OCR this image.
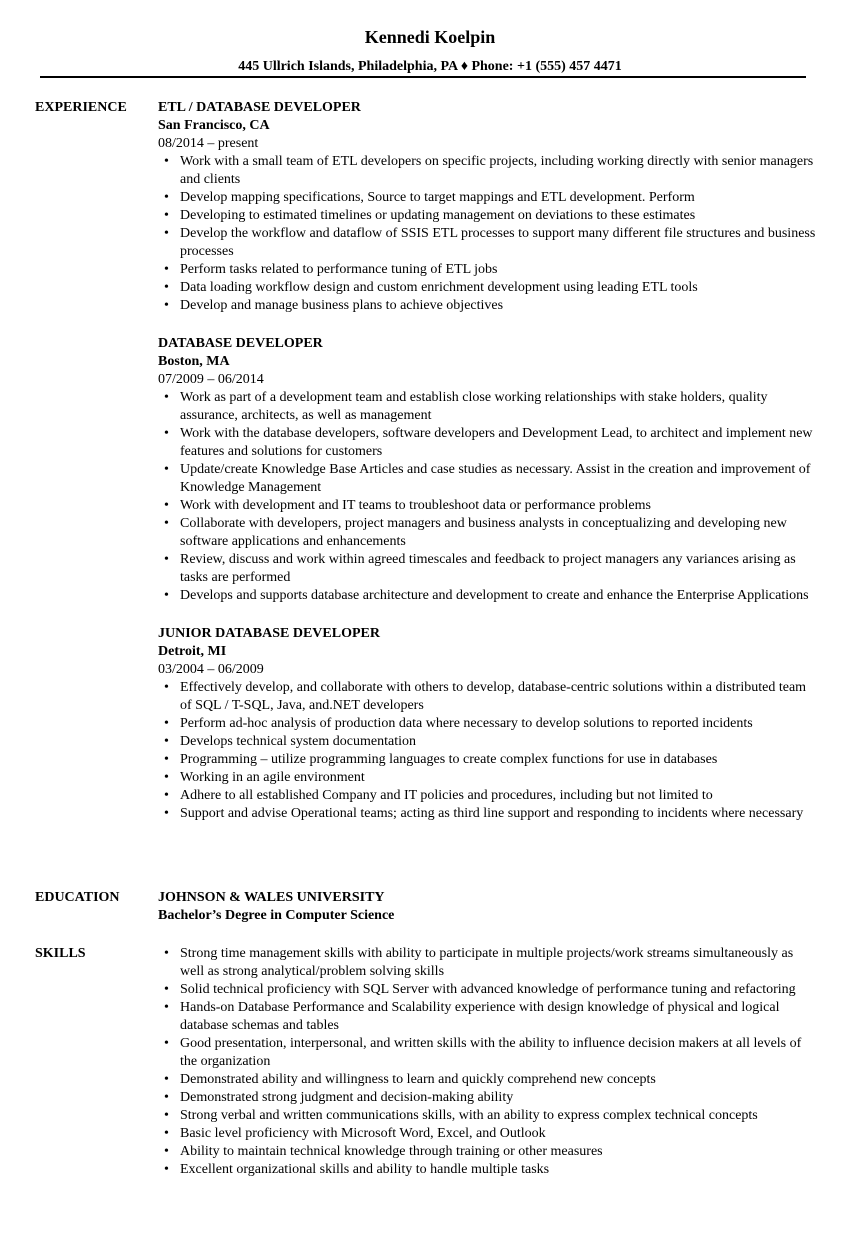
Kennedi Koelpin
445 Ullrich Islands, Philadelphia, PA ♦ Phone: +1 (555) 457 4471
EXPERIENCE ETL / DATABASE DEVELOPER
San Francisco, CA
08/2014 – present
• Work with a small team of ETL developers on specific projects, including working directly with senior managers and clients
• Develop mapping specifications, Source to target mappings and ETL development. Perform
• Developing to estimated timelines or updating management on deviations to these estimates
• Develop the workflow and dataflow of SSIS ETL processes to support many different file structures and business processes
• Perform tasks related to performance tuning of ETL jobs
• Data loading workflow design and custom enrichment development using leading ETL tools
• Develop and manage business plans to achieve objectives
DATABASE DEVELOPER
Boston, MA
07/2009 – 06/2014
• Work as part of a development team and establish close working relationships with stake holders, quality assurance, architects, as well as management
• Work with the database developers, software developers and Development Lead, to architect and implement new features and solutions for customers
• Update/create Knowledge Base Articles and case studies as necessary. Assist in the creation and improvement of Knowledge Management
• Work with development and IT teams to troubleshoot data or performance problems
• Collaborate with developers, project managers and business analysts in conceptualizing and developing new software applications and enhancements
• Review, discuss and work within agreed timescales and feedback to project managers any variances arising as tasks are performed
• Develops and supports database architecture and development to create and enhance the Enterprise Applications
JUNIOR DATABASE DEVELOPER
Detroit, MI
03/2004 – 06/2009
• Effectively develop, and collaborate with others to develop, database-centric solutions within a distributed team of SQL / T-SQL, Java, and.NET developers
• Perform ad-hoc analysis of production data where necessary to develop solutions to reported incidents
• Develops technical system documentation
• Programming – utilize programming languages to create complex functions for use in databases
• Working in an agile environment
• Adhere to all established Company and IT policies and procedures, including but not limited to
• Support and advise Operational teams; acting as third line support and responding to incidents where necessary
EDUCATION	JOHNSON & WALES UNIVERSITY
Bachelor’s Degree in Computer Science
SKILLS
•	Strong time management skills with ability to participate in multiple projects/work streams simultaneously as well as strong analytical/problem solving skills
• Solid technical proficiency with SQL Server with advanced knowledge of performance tuning and refactoring
• Hands-on Database Performance and Scalability experience with design knowledge of physical and logical database schemas and tables
• Good presentation, interpersonal, and written skills with the ability to influence decision makers at all levels of the organization
• Demonstrated ability and willingness to learn and quickly comprehend new concepts
• Demonstrated strong judgment and decision-making ability
• Strong verbal and written communications skills, with an ability to express complex technical concepts
• Basic level proficiency with Microsoft Word, Excel, and Outlook
• Ability to maintain technical knowledge through training or other measures
• Excellent organizational skills and ability to handle multiple tasks
